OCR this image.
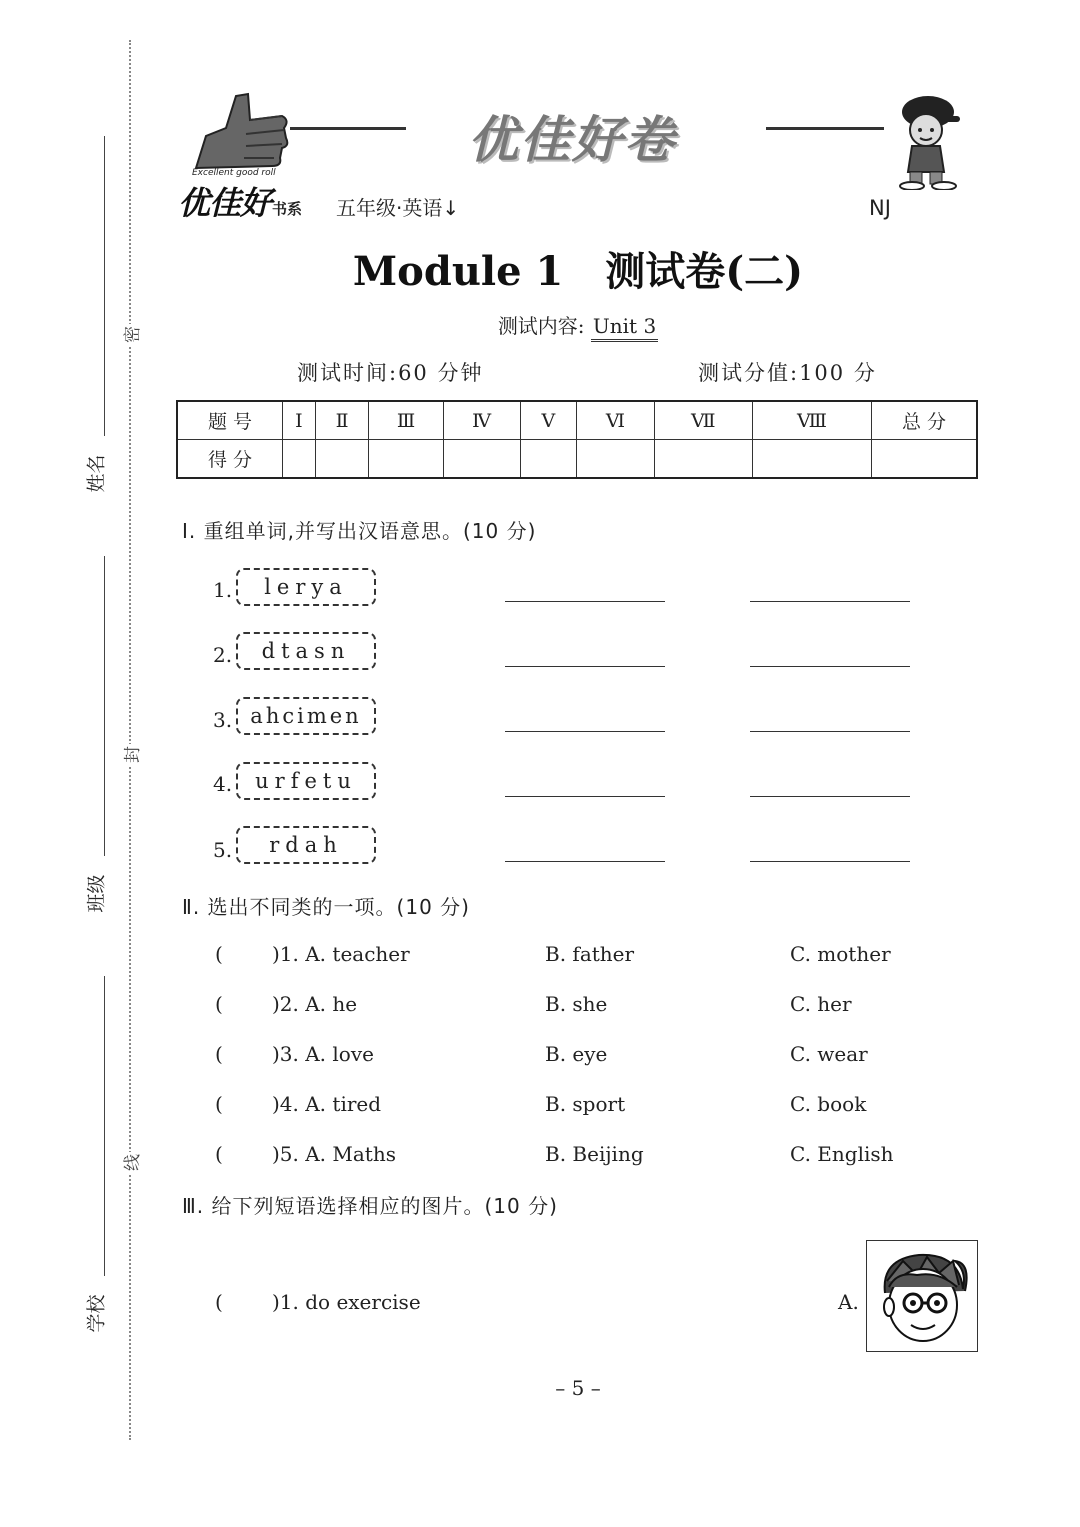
姓名
班级
学校
密
封
线
Excellent good roll
优佳好 书系 五年级·英语↓
优佳好卷
NJ
Module 1 测试卷(二)
测试内容: Unit 3
测试时间:60 分钟	测试分值:100 分
题 号	Ⅰ	Ⅱ	Ⅲ	Ⅳ	Ⅴ	Ⅵ	Ⅶ	Ⅷ	总 分
得 分									
Ⅰ. 重组单词,并写出汉语意思。(10 分)
1.	lerya
2.	dtasn
3. ahcimen
4.	urfetu
5.	rdah
Ⅱ. 选出不同类的一项。(10 分)
( )1. A. teacher	B. father	C. mother
( )2. A. he	B. she	C. her
( )3. A. love	B. eye	C. wear
( )4. A. tired	B. sport	C. book
( )5. A. Maths	B. Beijing	C. English
Ⅲ. 给下列短语选择相应的图片。(10 分)
( )1. do exercise	A.
– 5 –
